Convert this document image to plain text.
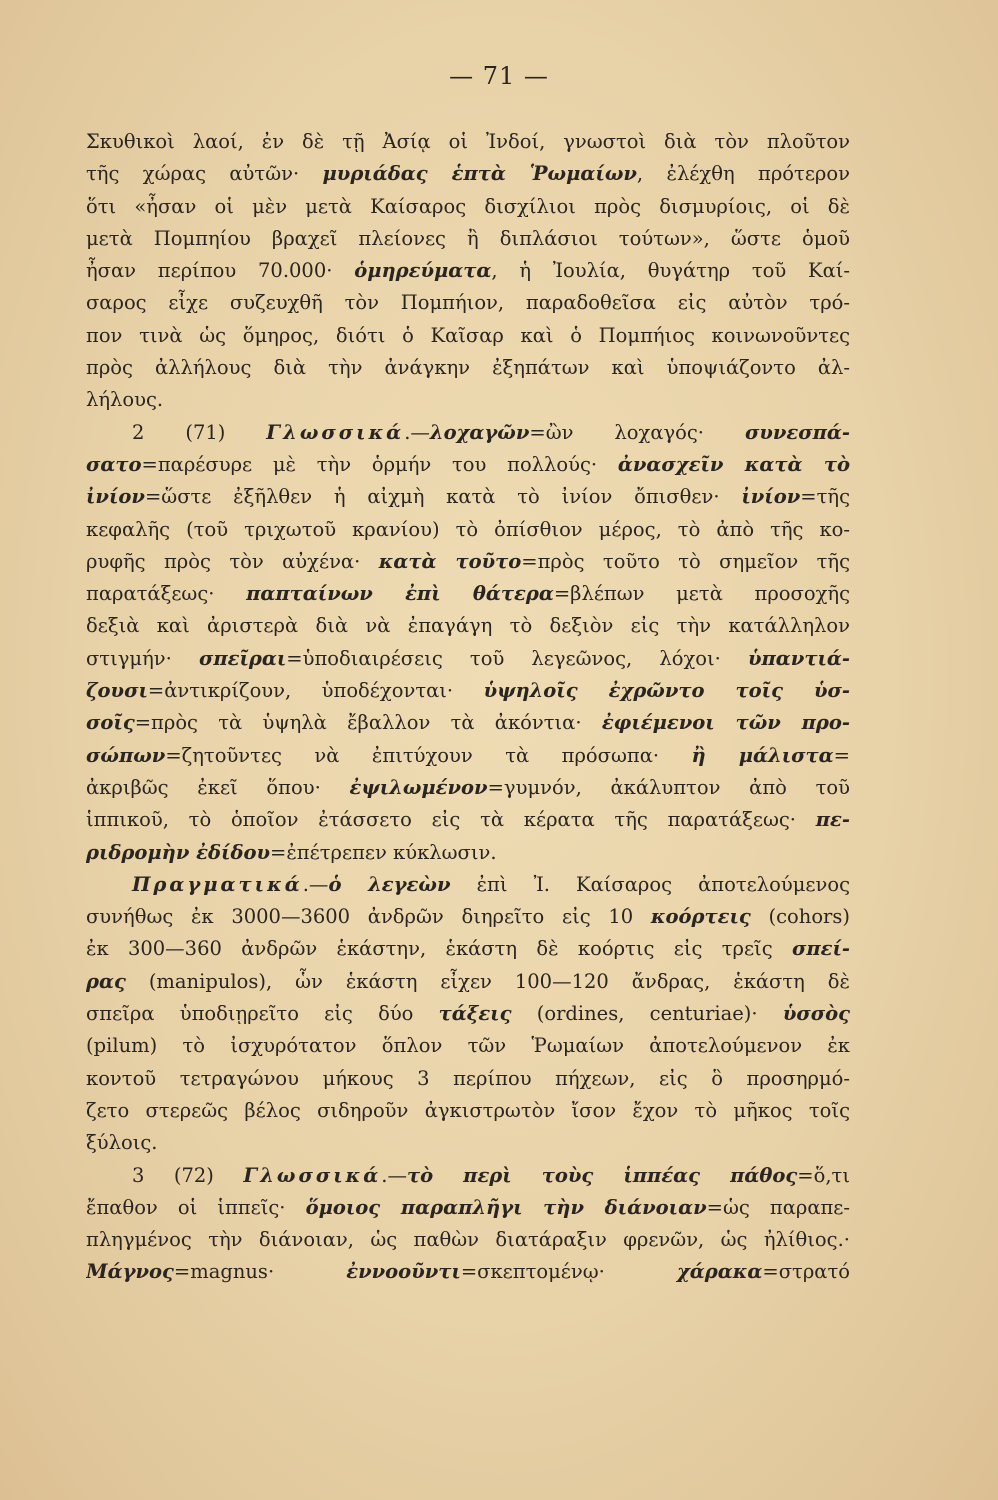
— 71 —
Σκυθικοὶ λαοί, ἐν δὲ τῇ Ἀσίᾳ οἱ Ἰνδοί, γνωστοὶ διὰ τὸν πλοῦτον
τῆς χώρας αὐτῶν· μυριάδας ἑπτὰ Ῥωμαίων, ἐλέχθη πρότερον
ὅτι «ἦσαν οἱ μὲν μετὰ Καίσαρος δισχίλιοι πρὸς δισμυρίοις, οἱ δὲ
μετὰ Πομπηίου βραχεῖ πλείονες ἢ διπλάσιοι τούτων», ὥστε ὁμοῦ
ἦσαν περίπου 70.000· ὁμηρεύματα, ἡ Ἰουλία, θυγάτηρ τοῦ Καί-
σαρος εἶχε συζευχθῆ τὸν Πομπήιον, παραδοθεῖσα εἰς αὐτὸν τρό-
πον τινὰ ὡς ὅμηρος, διότι ὁ Καῖσαρ καὶ ὁ Πομπήιος κοινωνοῦντες
πρὸς ἀλλήλους διὰ τὴν ἀνάγκην ἐξηπάτων καὶ ὑποψιάζοντο ἀλ-
λήλους.
2 (71) Γλωσσικά.—λοχαγῶν=ὢν λοχαγός· συνεσπά-
σατο=παρέσυρε μὲ τὴν ὁρμήν του πολλούς· ἀνασχεῖν κατὰ τὸ
ἰνίον=ὥστε ἐξῆλθεν ἡ αἰχμὴ κατὰ τὸ ἰνίον ὄπισθεν· ἰνίον=τῆς
κεφαλῆς (τοῦ τριχωτοῦ κρανίου) τὸ ὀπίσθιον μέρος, τὸ ἀπὸ τῆς κο-
ρυφῆς πρὸς τὸν αὐχένα· κατὰ τοῦτο=πρὸς τοῦτο τὸ σημεῖον τῆς
παρατάξεως· παπταίνων ἐπὶ θάτερα=βλέπων μετὰ προσοχῆς
δεξιὰ καὶ ἀριστερὰ διὰ νὰ ἐπαγάγη τὸ δεξιὸν εἰς τὴν κατάλληλον
στιγμήν· σπεῖραι=ὑποδιαιρέσεις τοῦ λεγεῶνος, λόχοι· ὑπαντιά-
ζουσι=ἀντικρίζουν, ὑποδέχονται· ὑψηλοῖς ἐχρῶντο τοῖς ὑσ-
σοῖς=πρὸς τὰ ὑψηλὰ ἔβαλλον τὰ ἀκόντια· ἐφιέμενοι τῶν προ-
σώπων=ζητοῦντες νὰ ἐπιτύχουν τὰ πρόσωπα· ἢ μάλιστα=
ἀκριβῶς ἐκεῖ ὅπου· ἐψιλωμένον=γυμνόν, ἀκάλυπτον ἀπὸ τοῦ
ἱππικοῦ, τὸ ὁποῖον ἐτάσσετο εἰς τὰ κέρατα τῆς παρατάξεως· πε-
ριδρομὴν ἐδίδου=ἐπέτρεπεν κύκλωσιν.
Πραγματικά.—ὁ λεγεὼν ἐπὶ Ἰ. Καίσαρος ἀποτελούμενος
συνήθως ἐκ 3000—3600 ἀνδρῶν διηρεῖτο εἰς 10 κοόρτεις (cohors)
ἐκ 300—360 ἀνδρῶν ἑκάστην, ἑκάστη δὲ κοόρτις εἰς τρεῖς σπεί-
ρας (manipulos), ὧν ἑκάστη εἶχεν 100—120 ἄνδρας, ἑκάστη δὲ
σπεῖρα ὑποδιῃρεῖτο εἰς δύο τάξεις (ordines, centuriae)· ὑσσὸς
(pilum) τὸ ἰσχυρότατον ὅπλον τῶν Ῥωμαίων ἀποτελούμενον ἐκ
κοντοῦ τετραγώνου μήκους 3 περίπου πήχεων, εἰς ὃ προσηρμό-
ζετο στερεῶς βέλος σιδηροῦν ἀγκιστρωτὸν ἴσον ἔχον τὸ μῆκος τοῖς
ξύλοις.
3 (72) Γλωσσικά.—τὸ περὶ τοὺς ἱππέας πάθος=ὅ,τι
ἔπαθον οἱ ἱππεῖς· ὅμοιος παραπλῆγι τὴν διάνοιαν=ὡς παραπε-
πληγμένος τὴν διάνοιαν, ὡς παθὼν διατάραξιν φρενῶν, ὡς ἠλίθιος.·
Μάγνος=magnus· ἐννοοῦντι=σκεπτομένῳ· χάρακα=στρατό
